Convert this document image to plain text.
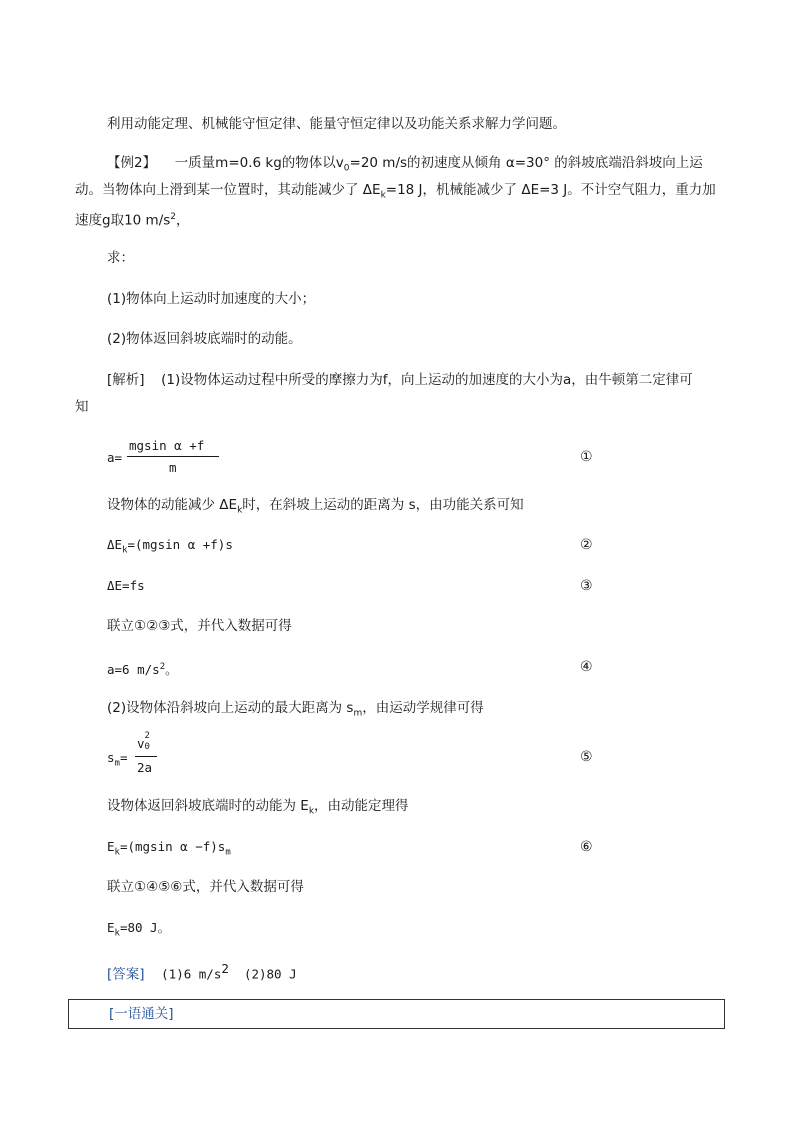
利用动能定理、机械能守恒定律、能量守恒定律以及功能关系求解力学问题。
【例2】 一质量m=0.6 kg的物体以$v_0=20$ m/s的初速度从倾角 α=30° 的斜坡底端沿斜坡向上运
动。当物体向上滑到某一位置时，其动能减少了 $\Delta E_k=18$ J，机械能减少了 ΔE=3 J。不计空气阻力，重力加
速度g取10 $m/s^2$，
求：
(1)物体向上运动时加速度的大小；
(2)物体返回斜坡底端时的动能。
[解析] (1)设物体运动过程中所受的摩擦力为f，向上运动的加速度的大小为a，由牛顿第二定律可
知
a=
mgsin α +f
m
①
设物体的动能减少 $\Delta E_k$时，在斜坡上运动的距离为 s，由功能关系可知
$\Delta E_k=(mgsin$ α +f)s	②
ΔE=fs	③
联立①②③式，并代入数据可得
a=6 $m/s^2$。	④
(2)设物体沿斜坡向上运动的最大距离为 $s_m$，由运动学规律可得
$s_m=$
v 2
0
2a
⑤
设物体返回斜坡底端时的动能为 $E_k$，由动能定理得
$E_k=(mgsin$ $\alpha -f)s_m$	⑥
联立①④⑤⑥式，并代入数据可得
$E_k=80$ J。
[答案] (1)6 $m/s^2$  (2)80 J
[一语通关]
